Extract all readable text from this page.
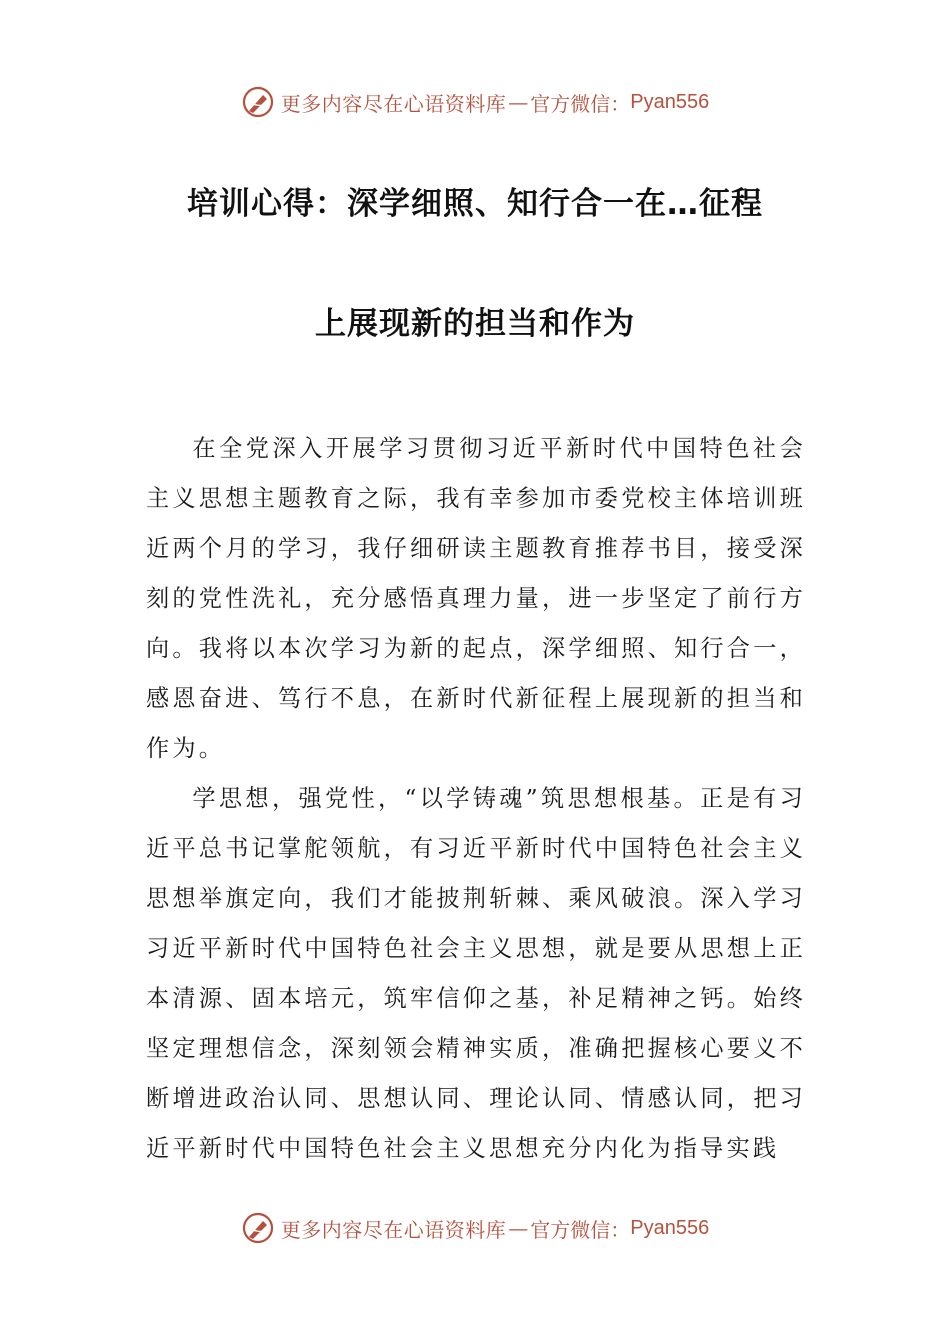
更多内容尽在心语资料库 — 官方微信： Pyan556
培训心得：深学细照、知行合一在…征程
上展现新的担当和作为

在全党深入开展学习贯彻习近平新时代中国特色社会主义思想主题教育之际，我有幸参加市委党校主体培训班近两个月的学习，我仔细研读主题教育推荐书目，接受深刻的党性洗礼，充分感悟真理力量，进一步坚定了前行方向。我将以本次学习为新的起点，深学细照、知行合一，感恩奋进、笃行不息，在新时代新征程上展现新的担当和作为。

学思想，强党性，“以学铸魂”筑思想根基。正是有习近平总书记掌舵领航，有习近平新时代中国特色社会主义思想举旗定向，我们才能披荆斩棘、乘风破浪。深入学习习近平新时代中国特色社会主义思想，就是要从思想上正本清源、固本培元，筑牢信仰之基，补足精神之钙。始终坚定理想信念，深刻领会精神实质，准确把握核心要义不断增进政治认同、思想认同、理论认同、情感认同，把习近平新时代中国特色社会主义思想充分内化为指导实践

更多内容尽在心语资料库 — 官方微信： Pyan556
